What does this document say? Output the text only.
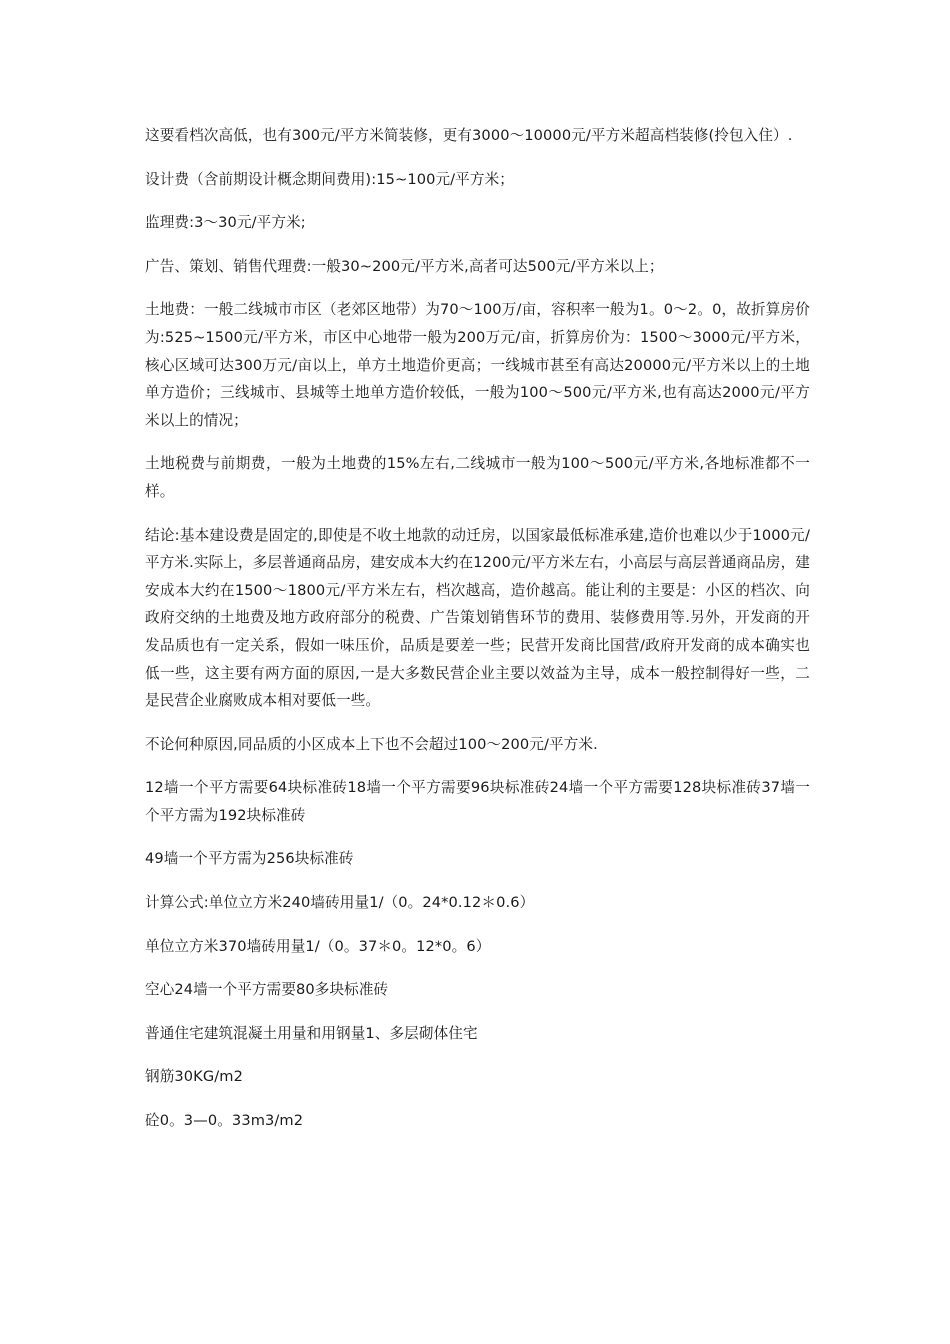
这要看档次高低，也有300元/平方米简装修，更有3000～10000元/平方米超高档装修(拎包入住）.

设计费（含前期设计概念期间费用):15~100元/平方米；

监理费:3～30元/平方米;

广告、策划、销售代理费:一般30~200元/平方米,高者可达500元/平方米以上；

土地费：一般二线城市市区（老郊区地带）为70～100万/亩，容积率一般为1。0～2。0，故折算房价为:525~1500元/平方米，市区中心地带一般为200万元/亩，折算房价为：1500～3000元/平方米，核心区域可达300万元/亩以上，单方土地造价更高；一线城市甚至有高达20000元/平方米以上的土地单方造价；三线城市、县城等土地单方造价较低，一般为100～500元/平方米,也有高达2000元/平方米以上的情况；

土地税费与前期费，一般为土地费的15%左右,二线城市一般为100～500元/平方米,各地标准都不一样。

结论:基本建设费是固定的,即使是不收土地款的动迁房，以国家最低标准承建,造价也难以少于1000元/平方米.实际上，多层普通商品房，建安成本大约在1200元/平方米左右，小高层与高层普通商品房，建安成本大约在1500～1800元/平方米左右，档次越高，造价越高。能让利的主要是：小区的档次、向政府交纳的土地费及地方政府部分的税费、广告策划销售环节的费用、装修费用等.另外，开发商的开发品质也有一定关系，假如一味压价，品质是要差一些；民营开发商比国营/政府开发商的成本确实也低一些，这主要有两方面的原因,一是大多数民营企业主要以效益为主导，成本一般控制得好一些，二是民营企业腐败成本相对要低一些。

不论何种原因,同品质的小区成本上下也不会超过100～200元/平方米.

12墙一个平方需要64块标准砖18墙一个平方需要96块标准砖24墙一个平方需要128块标准砖37墙一个平方需为192块标准砖

49墙一个平方需为256块标准砖

计算公式:单位立方米240墙砖用量1/（0。24*0.12＊0.6）

单位立方米370墙砖用量1/（0。37＊0。12*0。6）

空心24墙一个平方需要80多块标准砖

普通住宅建筑混凝土用量和用钢量1、多层砌体住宅

钢筋30KG/m2

砼0。3—0。33m3/m2
